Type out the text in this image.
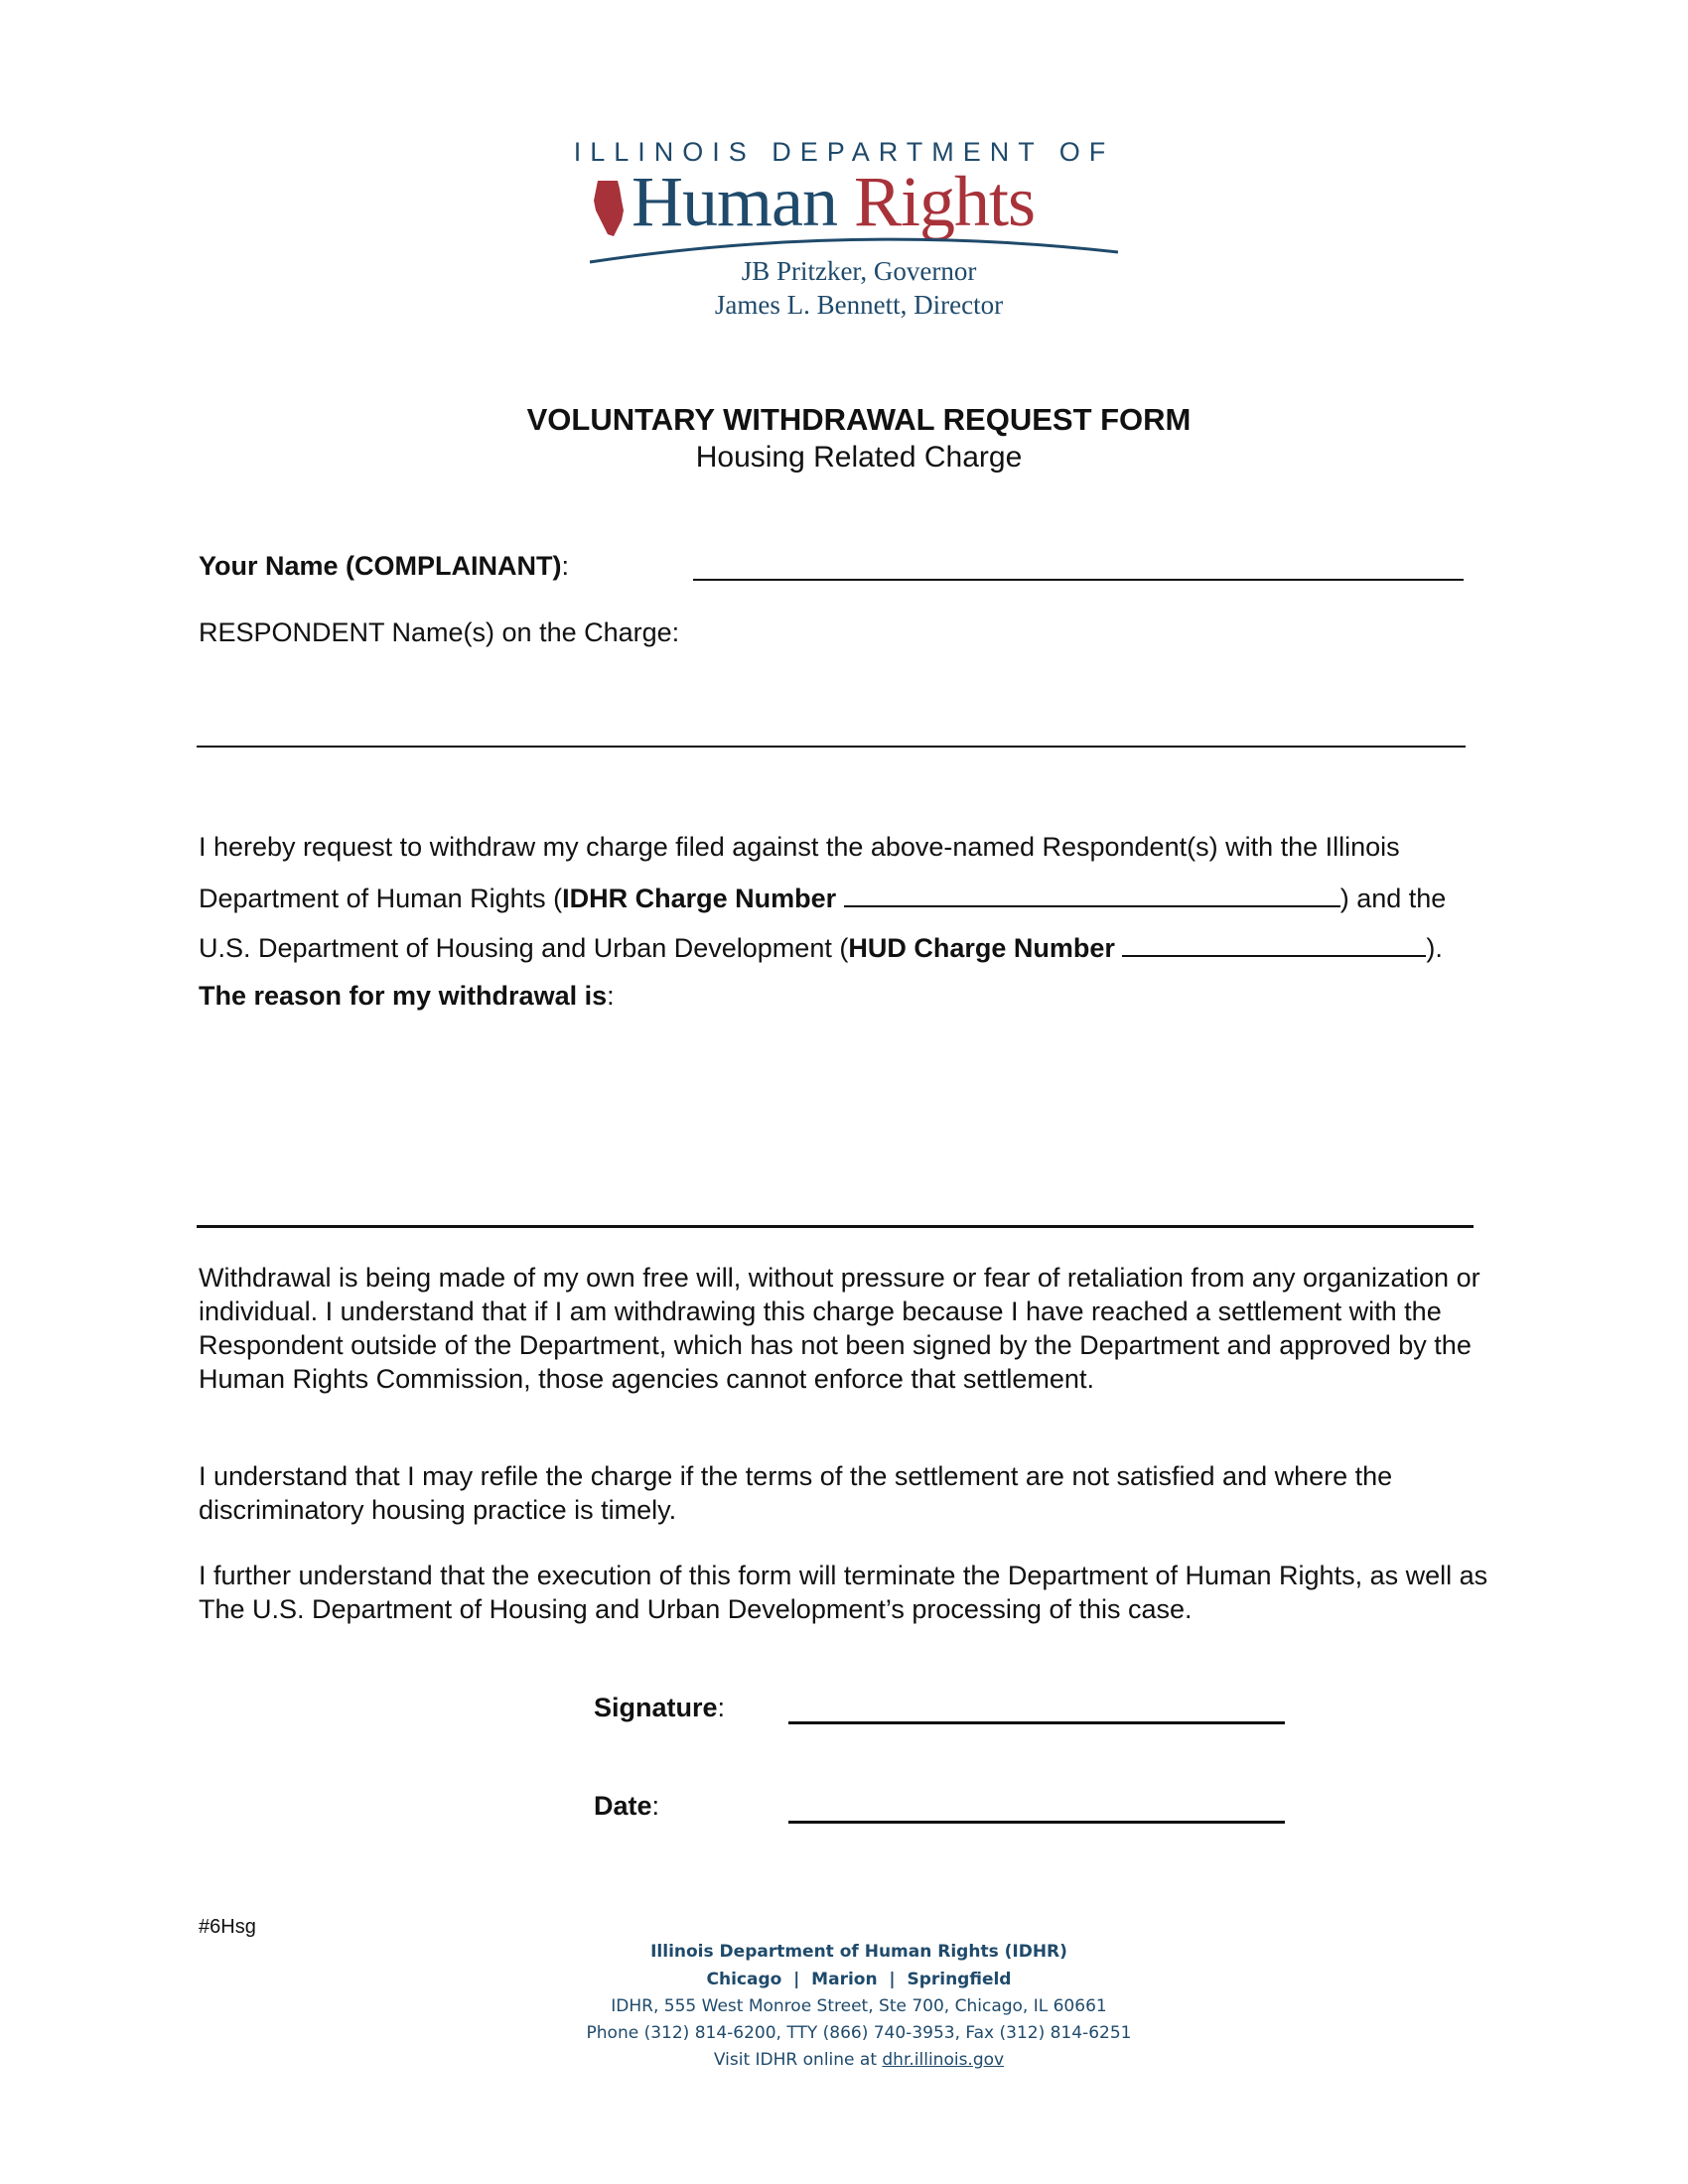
ILLINOIS DEPARTMENT OF
Human Rights
JB Pritzker, Governor
James L. Bennett, Director
VOLUNTARY WITHDRAWAL REQUEST FORM
Housing Related Charge
Your Name (COMPLAINANT):
RESPONDENT Name(s) on the Charge:
I hereby request to withdraw my charge filed against the above-named Respondent(s) with the Illinois
Department of Human Rights (IDHR Charge Number	) and the
U.S. Department of Housing and Urban Development (HUD Charge Number	).
The reason for my withdrawal is:
Withdrawal is being made of my own free will, without pressure or fear of retaliation from any organization or individual. I understand that if I am withdrawing this charge because I have reached a settlement with the Respondent outside of the Department, which has not been signed by the Department and approved by the Human Rights Commission, those agencies cannot enforce that settlement.
I understand that I may refile the charge if the terms of the settlement are not satisfied and where the discriminatory housing practice is timely.
I further understand that the execution of this form will terminate the Department of Human Rights, as well as The U.S. Department of Housing and Urban Development’s processing of this case.
Signature:
Date:
#6Hsg
Illinois Department of Human Rights (IDHR)
Chicago  |  Marion  |  Springfield
IDHR, 555 West Monroe Street, Ste 700, Chicago, IL 60661
Phone (312) 814-6200, TTY (866) 740-3953, Fax (312) 814-6251
Visit IDHR online at dhr.illinois.gov
